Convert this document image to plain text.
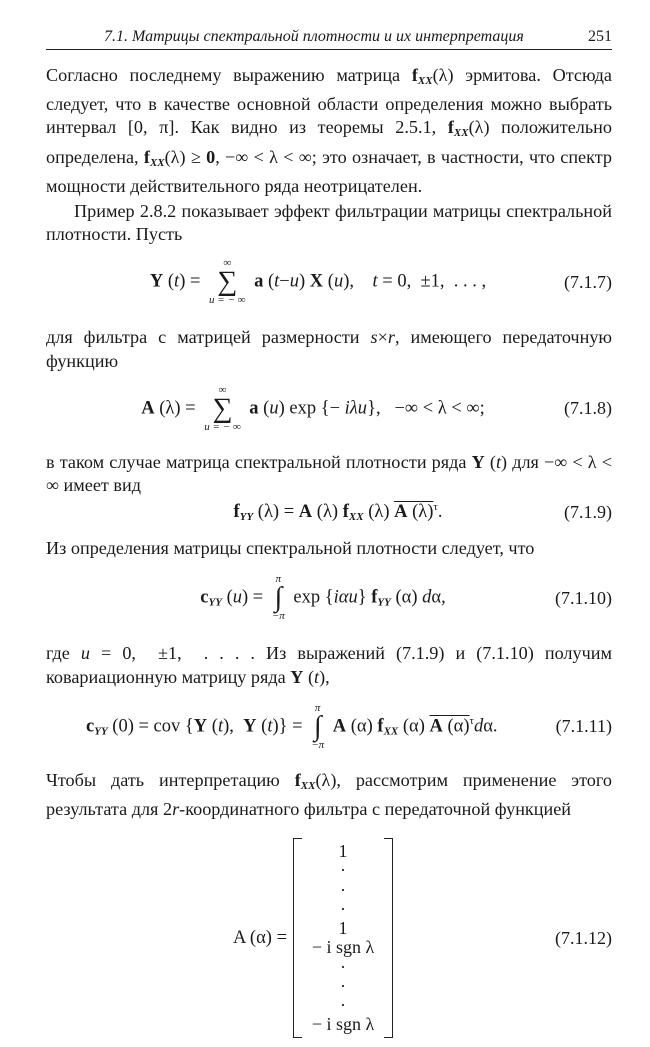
7.1. Матрицы спектральной плотности и их интерпретация	251

Согласно последнему выражению матрица $f_{XX}(\lambda)$ эрмитова. Отсюда следует, что в качестве основной области определения можно выбрать интервал [0, π]. Как видно из теоремы 2.5.1, $f_{XX}(\lambda)$ положительно определена, $f_{XX}(\lambda) \ge 0$, −∞ < λ < ∞; это означает, в частности, что спектр мощности действительного ряда неотрицателен.

Пример 2.8.2 показывает эффект фильтрации матрицы спектральной плотности. Пусть

Y (t) =
∞
∑
u = − ∞
a (t−u) X (u),    t = 0,  ±1,  . . . ,	(7.1.7)

для фильтра с матрицей размерности s×r, имеющего передаточную функцию

A (λ) =
∞
∑
u = − ∞
a (u) exp {− iλu},   −∞ < λ < ∞;	(7.1.8)

в таком случае матрица спектральной плотности ряда Y (t) для −∞ < λ < ∞ имеет вид

$f_{YY}$ (λ) = A (λ) $f_{XX}$ (λ) A $(\lambda)^\tau$.	(7.1.9)

Из определения матрицы спектральной плотности следует, что

$c_{YY}$ (u) =
π
∫
−π
exp {iαu} $f_{YY}$ (α) dα,	(7.1.10)

где u = 0,  ±1,  . . . . Из выражений (7.1.9) и (7.1.10) получим ковариационную матрицу ряда Y (t),

$c_{YY}$ (0) = cov {Y (t),  Y (t)} =
π
∫
−π
A (α) $f_{XX}$ (α) A $(\alpha)^\tau d\alpha$.	(7.1.11)

Чтобы дать интерпретацию $f_{XX}(\lambda)$, рассмотрим применение этого результата для 2r-координатного фильтра с передаточной функцией

A (α) =
1
·
·
·
1
− i sgn λ
·
·
·
− i sgn λ
(7.1.12)
